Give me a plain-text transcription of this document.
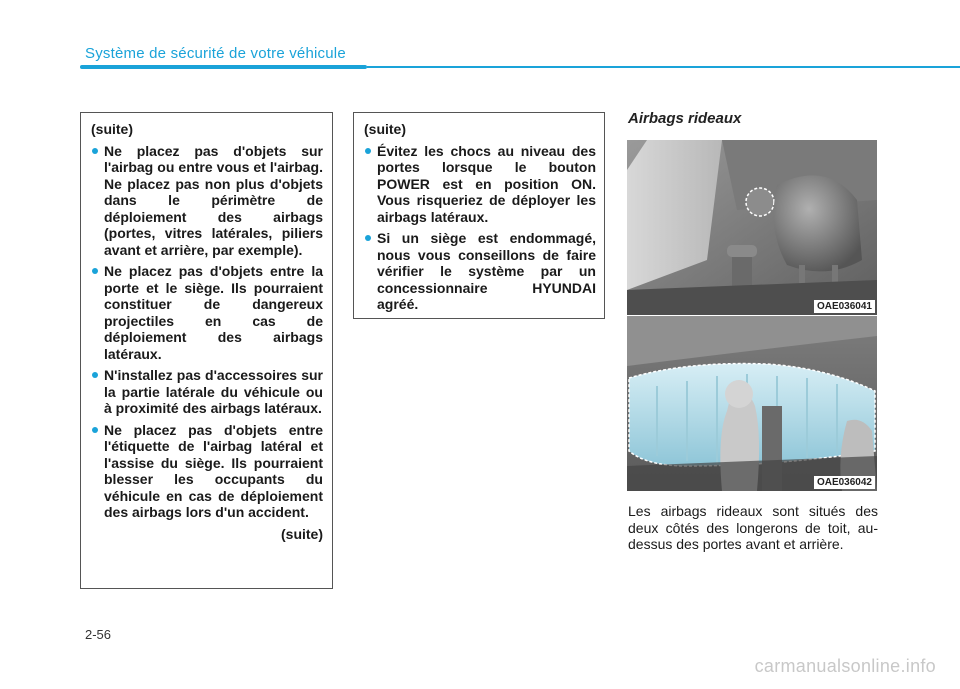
Système de sécurité de votre véhicule
(suite)
Ne placez pas d'objets sur l'airbag ou entre vous et l'airbag. Ne placez pas non plus d'objets dans le périmètre de déploiement des airbags (portes, vitres latérales, piliers avant et arrière, par exemple).
Ne placez pas d'objets entre la porte et le siège. Ils pourraient constituer de dangereux projectiles en cas de déploiement des airbags latéraux.
N'installez pas d'accessoires sur la partie latérale du véhicule ou à proximité des airbags latéraux.
Ne placez pas d'objets entre l'étiquette de l'airbag latéral et l'assise du siège. Ils pourraient blesser les occupants du véhicule en cas de déploiement des airbags lors d'un accident.
(suite)
(suite)
Évitez les chocs au niveau des portes lorsque le bouton POWER est en position ON. Vous risqueriez de déployer les airbags latéraux.
Si un siège est endommagé, nous vous conseillons de faire vérifier le système par un concessionnaire HYUNDAI agréé.
Airbags rideaux
OAE036041
OAE036042
Les airbags rideaux sont situés des deux côtés des longerons de toit, au-dessus des portes avant et arrière.
2-56
carmanualsonline.info
